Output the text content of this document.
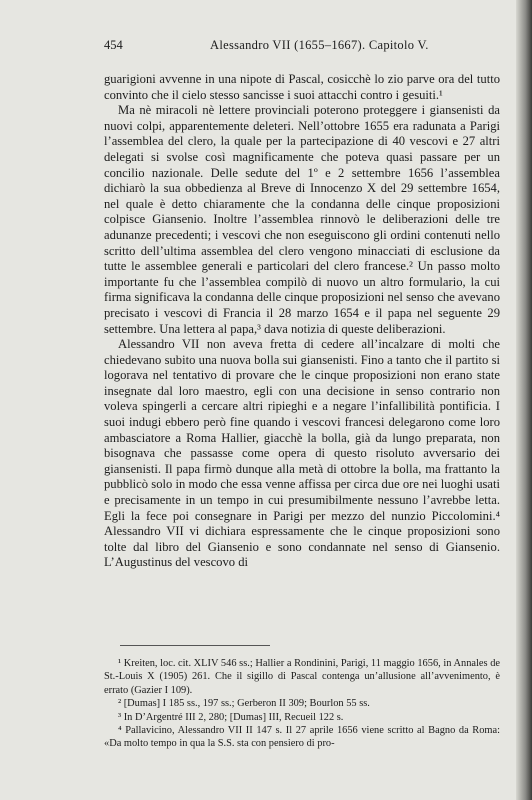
454	Alessandro VII (1655–1667). Capitolo V.

guarigioni avvenne in una nipote di Pascal, cosicchè lo zio parve ora del tutto convinto che il cielo stesso sancisse i suoi attacchi contro i gesuiti.¹

Ma nè miracoli nè lettere provinciali poterono proteggere i giansenisti da nuovi colpi, apparentemente deleteri. Nell’ottobre 1655 era radunata a Parigi l’assemblea del clero, la quale per la partecipazione di 40 vescovi e 27 altri delegati si svolse così magnificamente che poteva quasi passare per un concilio nazionale. Delle sedute del 1º e 2 settembre 1656 l’assemblea dichiarò la sua obbedienza al Breve di Innocenzo X del 29 settembre 1654, nel quale è detto chiaramente che la condanna delle cinque proposizioni colpisce Giansenio. Inoltre l’assemblea rinnovò le deliberazioni delle tre adunanze precedenti; i vescovi che non eseguiscono gli ordini contenuti nello scritto dell’ultima assemblea del clero vengono minacciati di esclusione da tutte le assemblee generali e particolari del clero francese.² Un passo molto importante fu che l’assemblea compilò di nuovo un altro formulario, la cui firma significava la condanna delle cinque proposizioni nel senso che avevano precisato i vescovi di Francia il 28 marzo 1654 e il papa nel seguente 29 settembre. Una lettera al papa,³ dava notizia di queste deliberazioni.

Alessandro VII non aveva fretta di cedere all’incalzare di molti che chiedevano subito una nuova bolla sui giansenisti. Fino a tanto che il partito si logorava nel tentativo di provare che le cinque proposizioni non erano state insegnate dal loro maestro, egli con una decisione in senso contrario non voleva spingerli a cercare altri ripieghi e a negare l’infallibilità pontificia. I suoi indugi ebbero però fine quando i vescovi francesi delegarono come loro ambasciatore a Roma Hallier, giacchè la bolla, già da lungo preparata, non bisognava che passasse come opera di questo risoluto avversario dei giansenisti. Il papa firmò dunque alla metà di ottobre la bolla, ma frattanto la pubblicò solo in modo che essa venne affissa per circa due ore nei luoghi usati e precisamente in un tempo in cui presumibilmente nessuno l’avrebbe letta. Egli la fece poi consegnare in Parigi per mezzo del nunzio Piccolomini.⁴ Alessandro VII vi dichiara espressamente che le cinque proposizioni sono tolte dal libro del Giansenio e sono condannate nel senso di Giansenio. L’Augustinus del vescovo di

¹ Kreiten, loc. cit. XLIV 546 ss.; Hallier a Rondinini, Parigi, 11 maggio 1656, in Annales de St.-Louis X (1905) 261. Che il sigillo di Pascal contenga un’allusione all’avvenimento, è errato (Gazier I 109).

² [Dumas] I 185 ss., 197 ss.; Gerberon II 309; Bourlon 55 ss.

³ In D’Argentré III 2, 280; [Dumas] III, Recueil 122 s.

⁴ Pallavicino, Alessandro VII II 147 s. Il 27 aprile 1656 viene scritto al Bagno da Roma: «Da molto tempo in qua la S.S. sta con pensiero di pro-
